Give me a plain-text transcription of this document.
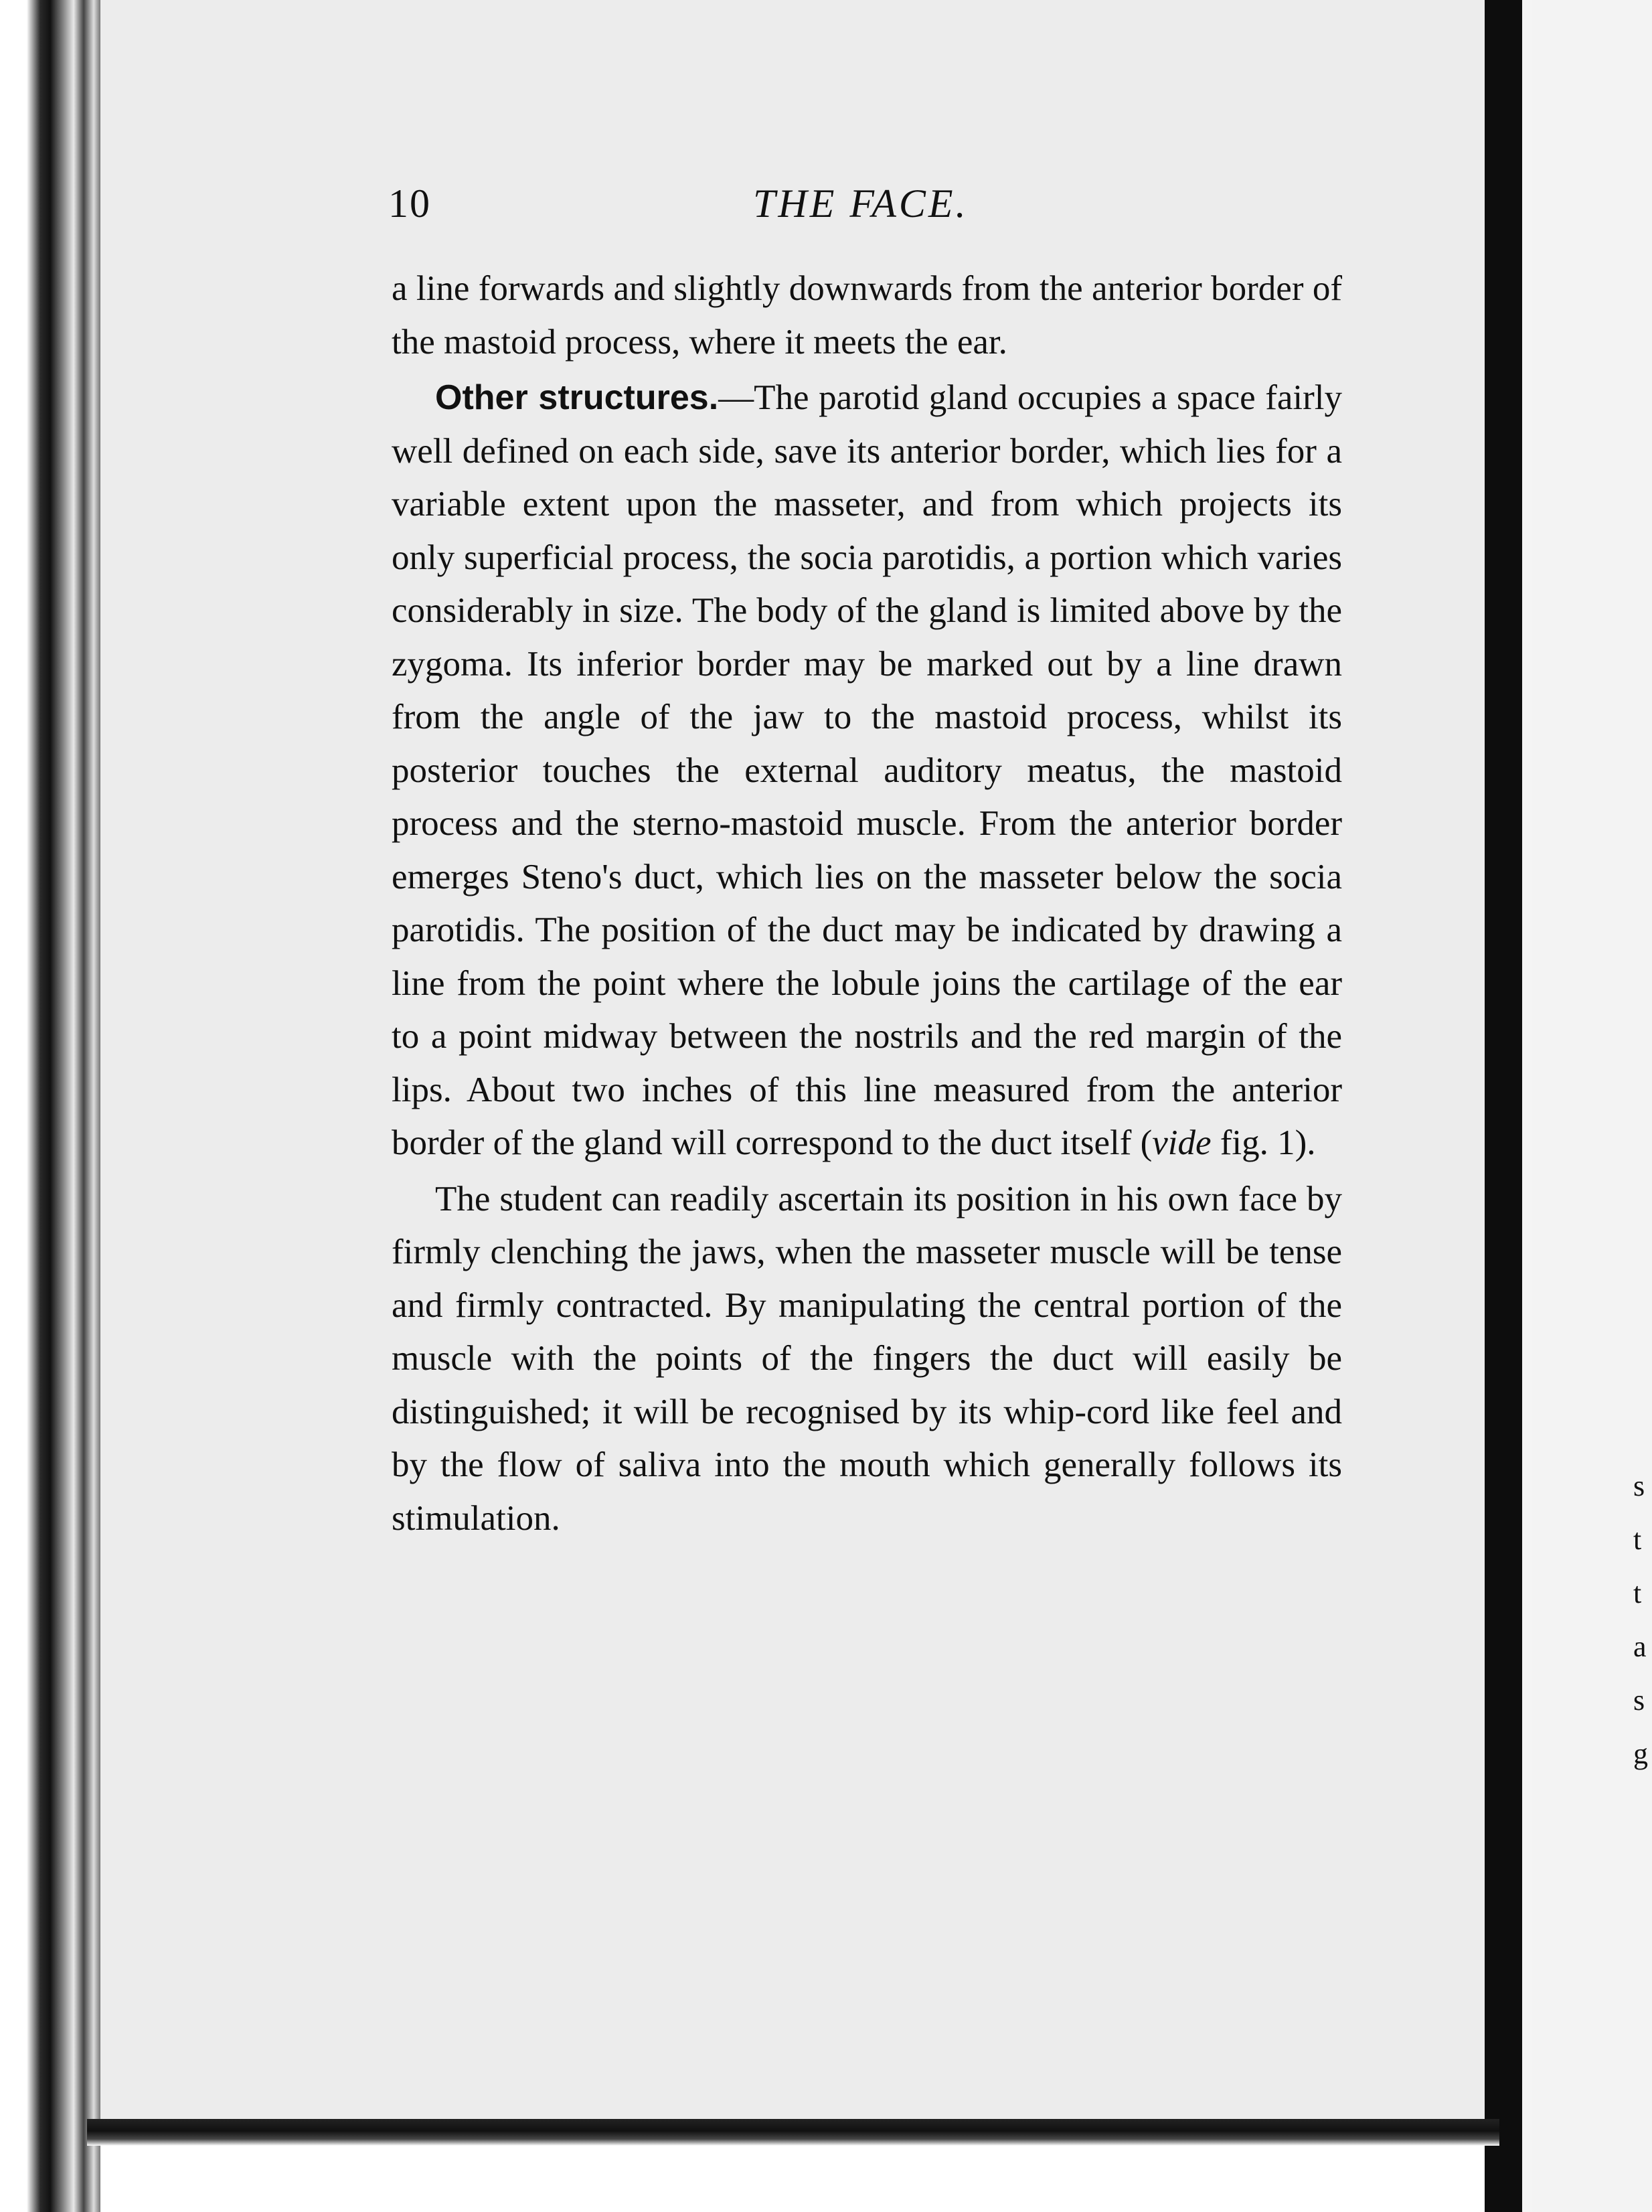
s
t
t
a
s
g
10	THE FACE.

a line forwards and slightly downwards from the anterior border of the mastoid process, where it meets the ear.

Other structures.—The parotid gland occupies a space fairly well defined on each side, save its anterior border, which lies for a variable extent upon the masseter, and from which projects its only superficial process, the socia parotidis, a portion which varies considerably in size. The body of the gland is limited above by the zygoma. Its inferior border may be marked out by a line drawn from the angle of the jaw to the mastoid process, whilst its posterior touches the external auditory meatus, the mastoid process and the sterno-mastoid muscle. From the anterior border emerges Steno's duct, which lies on the masseter below the socia parotidis. The position of the duct may be indicated by drawing a line from the point where the lobule joins the cartilage of the ear to a point midway between the nostrils and the red margin of the lips. About two inches of this line measured from the anterior border of the gland will correspond to the duct itself (vide fig. 1).

The student can readily ascertain its position in his own face by firmly clenching the jaws, when the masseter muscle will be tense and firmly contracted. By manipulating the central portion of the muscle with the points of the fingers the duct will easily be distinguished; it will be recognised by its whip-cord like feel and by the flow of saliva into the mouth which generally follows its stimulation.
